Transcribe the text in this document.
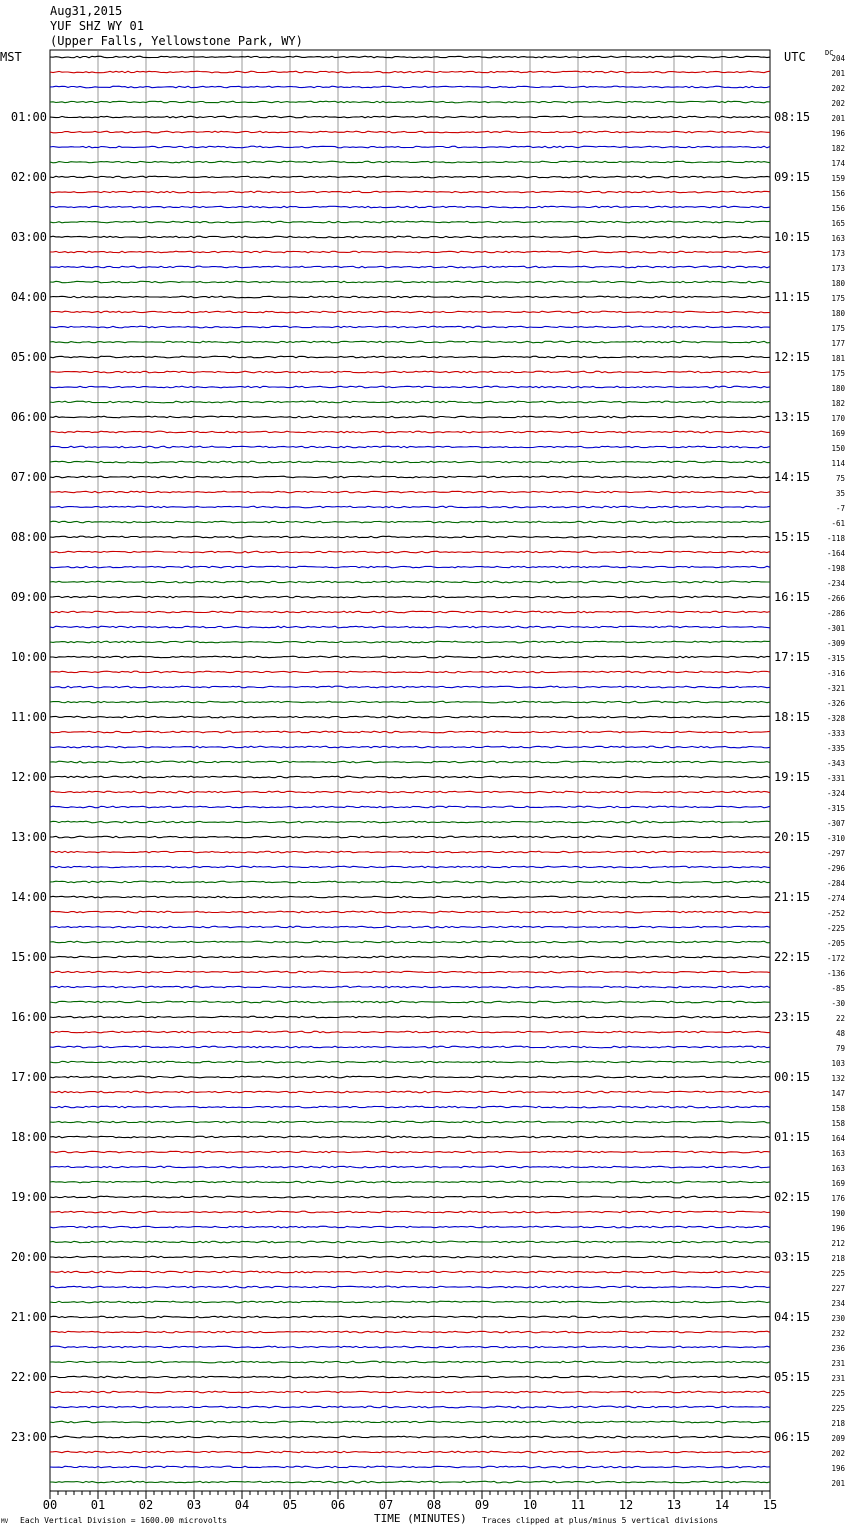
Aug31,2015
YUF SHZ WY 01
(Upper Falls, Yellowstone Park, WY)
MST	UTC	DC
01:00	08:15
02:00	09:15
03:00	10:15
04:00	11:15
05:00	12:15
06:00	13:15
07:00	14:15
08:00	15:15
09:00	16:15
10:00	17:15
11:00	18:15
12:00	19:15
13:00	20:15
14:00	21:15
15:00	22:15
16:00	23:15
17:00	00:15
18:00	01:15
19:00	02:15
20:00	03:15
21:00	04:15
22:00	05:15
23:00	06:15
204
201
202
202
201
196
182
174
159
156
156
165
163
173
173
180
175
180
175
177
181
175
180
182
170
169
150
114
75
35
-7
-61
-118
-164
-198
-234
-266
-286
-301
-309
-315
-316
-321
-326
-328
-333
-335
-343
-331
-324
-315
-307
-310
-297
-296
-284
-274
-252
-225
-205
-172
-136
-85
-30
22
48
79
103
132
147
158
158
164
163
163
169
176
190
196
212
218
225
227
234
230
232
236
231
231
225
225
218
209
202
196
201
00	01	02	03	04	05	06	07	08	09	10	11	12	13	14	15
TIME (MINUTES)
MV Each Vertical Division = 1600.00 microvolts	Traces clipped at plus/minus 5 vertical divisions
